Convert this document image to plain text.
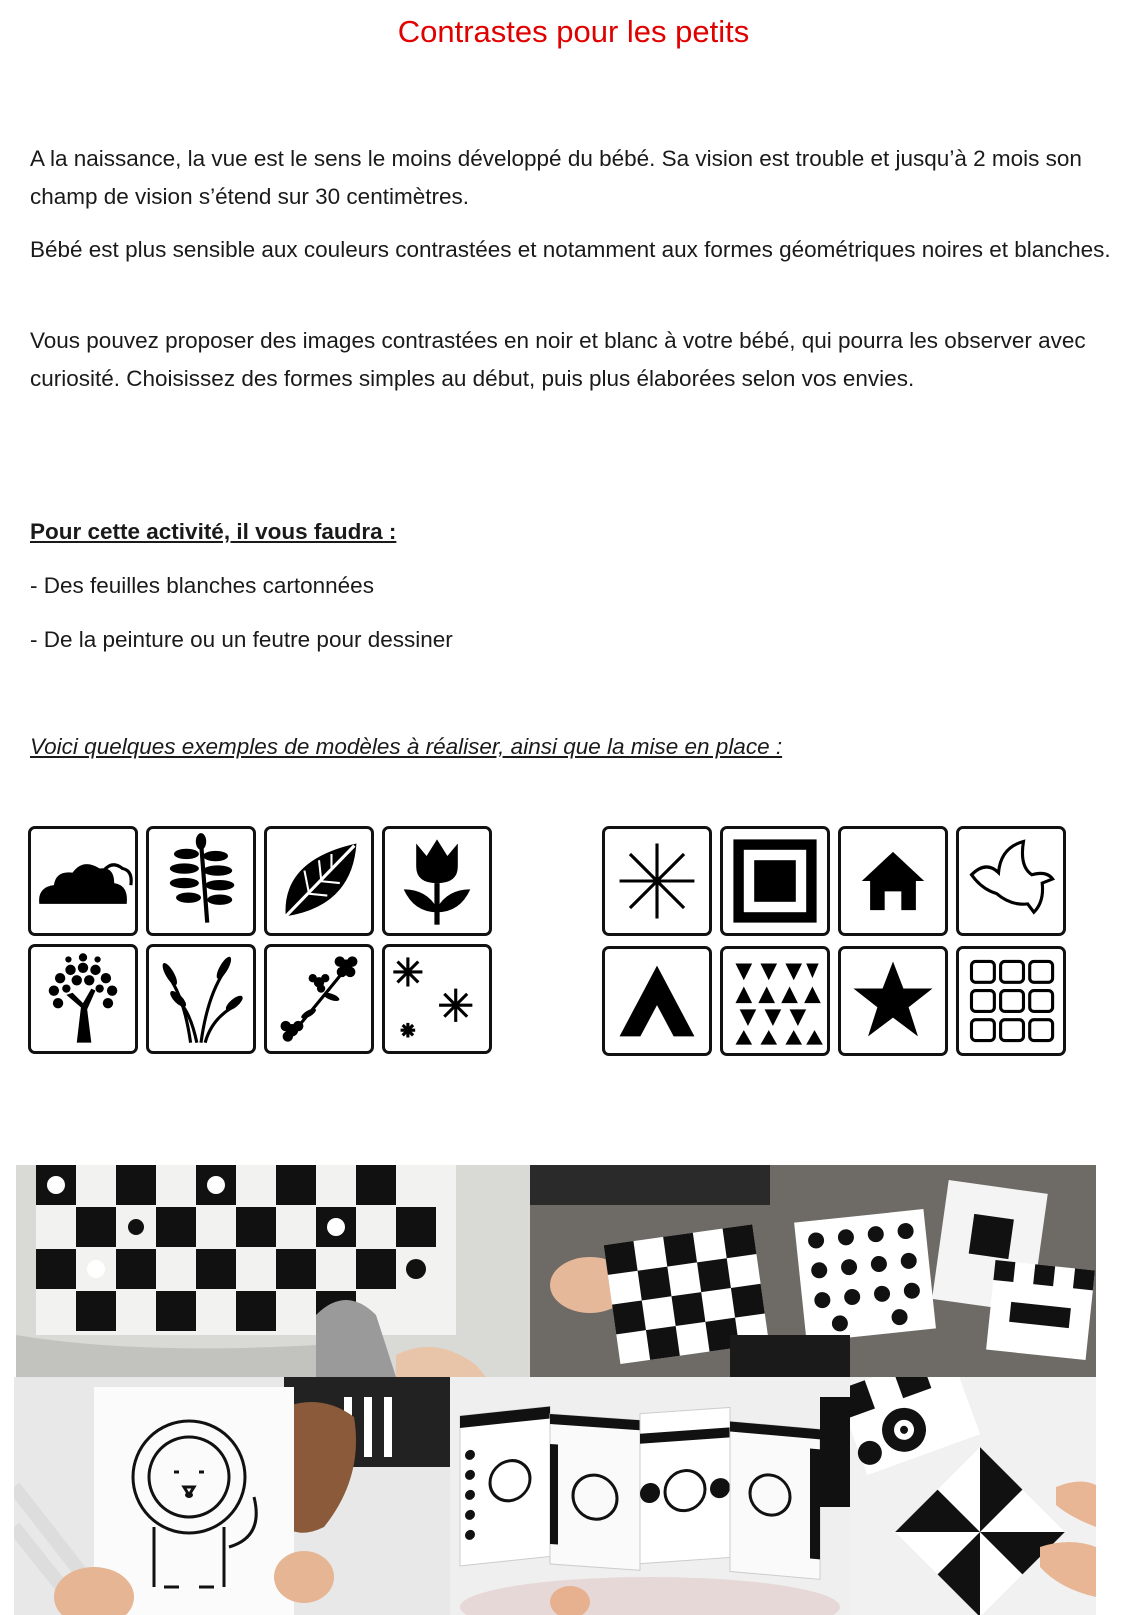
Contrastes pour les petits

A la naissance, la vue est le sens le moins développé du bébé. Sa vision est trouble et jusqu’à 2 mois son champ de vision s’étend sur 30 centimètres.

Bébé est plus sensible aux couleurs contrastées et notamment aux formes géométriques noires et blanches.

Vous pouvez proposer des images contrastées en noir et blanc à votre bébé, qui pourra les observer avec curiosité. Choisissez des formes simples au début, puis plus élaborées selon vos envies.

Pour cette activité, il vous faudra :
- Des feuilles blanches cartonnées
- De la peinture ou un feutre pour dessiner
Voici quelques exemples de modèles à réaliser, ainsi que la mise en place :
